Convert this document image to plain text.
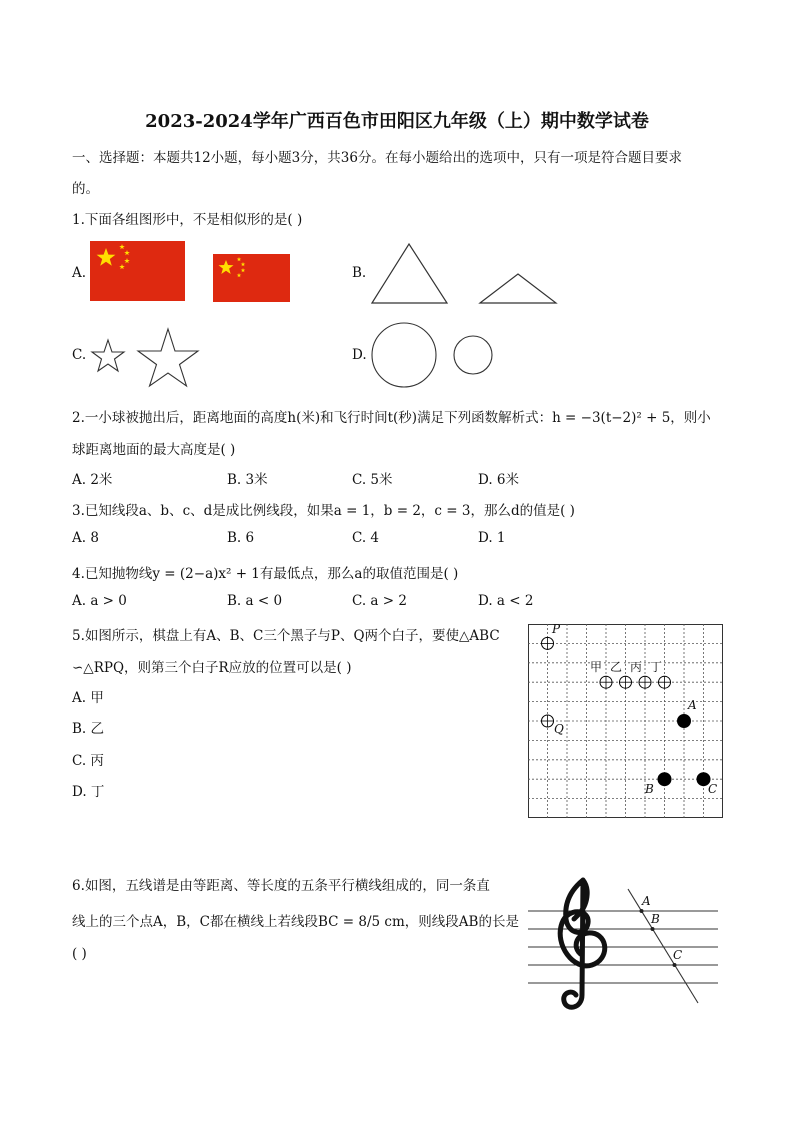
2023-2024学年广西百色市田阳区九年级（上）期中数学试卷
一、选择题：本题共12小题，每小题3分，共36分。在每小题给出的选项中，只有一项是符合题目要求
的。
1.下面各组图形中，不是相似形的是( )
A.	B.
C.	D.
2.一小球被抛出后，距离地面的高度h(米)和飞行时间t(秒)满足下列函数解析式：h = −3(t−2)² + 5，则小
球距离地面的最大高度是( )
A. 2米	B. 3米	C. 5米	D. 6米
3.已知线段a、b、c、d是成比例线段，如果a = 1，b = 2，c = 3，那么d的值是( )
A. 8	B. 6	C. 4	D. 1
4.已知抛物线y = (2−a)x² + 1有最低点，那么a的取值范围是( )
A. a > 0	B. a < 0	C. a > 2	D. a < 2
5.如图所示，棋盘上有A、B、C三个黑子与P、Q两个白子，要使△ABC
∽△RPQ，则第三个白子R应放的位置可以是( )
A. 甲
B. 乙
C. 丙
D. 丁
P
Q
A
B	C
甲 乙 丙 丁
6.如图，五线谱是由等距离、等长度的五条平行横线组成的，同一条直
线上的三个点A，B，C都在横线上若线段BC = 8/5 cm，则线段AB的长是
( )
A
B
C
